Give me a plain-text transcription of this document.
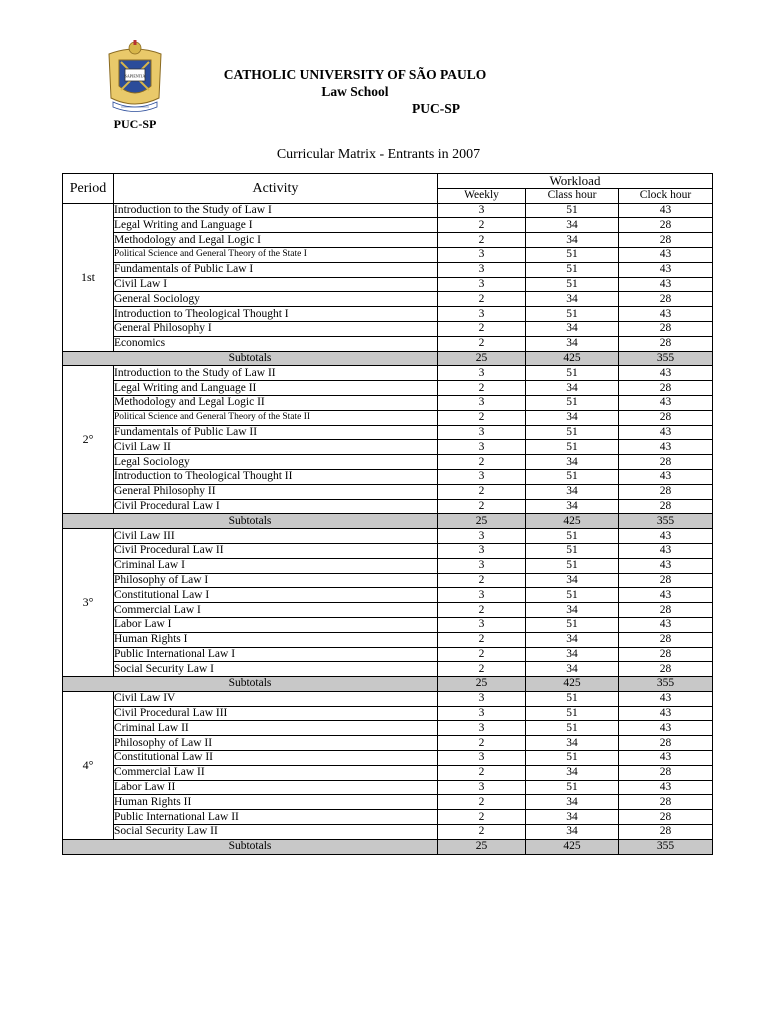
SAPIENTIA
PUC-SP
CATHOLIC UNIVERSITY OF SÃO PAULO
Law School
PUC-SP
Curricular Matrix - Entrants in 2007
Period	Activity	Workload		
		Weekly	Class hour	Clock hour
1st	Introduction to the Study of Law I	3	51	43
	Legal Writing and Language I	2	34	28
	Methodology and Legal Logic I	2	34	28
	Political Science and General Theory of the State I	3	51	43
	Fundamentals of Public Law I	3	51	43
	Civil Law I	3	51	43
	General Sociology	2	34	28
	Introduction to Theological Thought I	3	51	43
	General Philosophy I	2	34	28
	Economics	2	34	28
Subtotals		25	425	355
2°	Introduction to the Study of Law II	3	51	43
	Legal Writing and Language II	2	34	28
	Methodology and Legal Logic II	3	51	43
	Political Science and General Theory of the State II	2	34	28
	Fundamentals of Public Law II	3	51	43
	Civil Law II	3	51	43
	Legal Sociology	2	34	28
	Introduction to Theological Thought II	3	51	43
	General Philosophy II	2	34	28
	Civil Procedural Law I	2	34	28
Subtotals		25	425	355
3°	Civil Law III	3	51	43
	Civil Procedural Law II	3	51	43
	Criminal Law I	3	51	43
	Philosophy of Law I	2	34	28
	Constitutional Law I	3	51	43
	Commercial Law I	2	34	28
	Labor Law I	3	51	43
	Human Rights I	2	34	28
	Public International Law I	2	34	28
	Social Security Law I	2	34	28
Subtotals		25	425	355
4°	Civil Law IV	3	51	43
	Civil Procedural Law III	3	51	43
	Criminal Law II	3	51	43
	Philosophy of Law II	2	34	28
	Constitutional Law II	3	51	43
	Commercial Law II	2	34	28
	Labor Law II	3	51	43
	Human Rights II	2	34	28
	Public International Law II	2	34	28
	Social Security Law II	2	34	28
Subtotals		25	425	355
